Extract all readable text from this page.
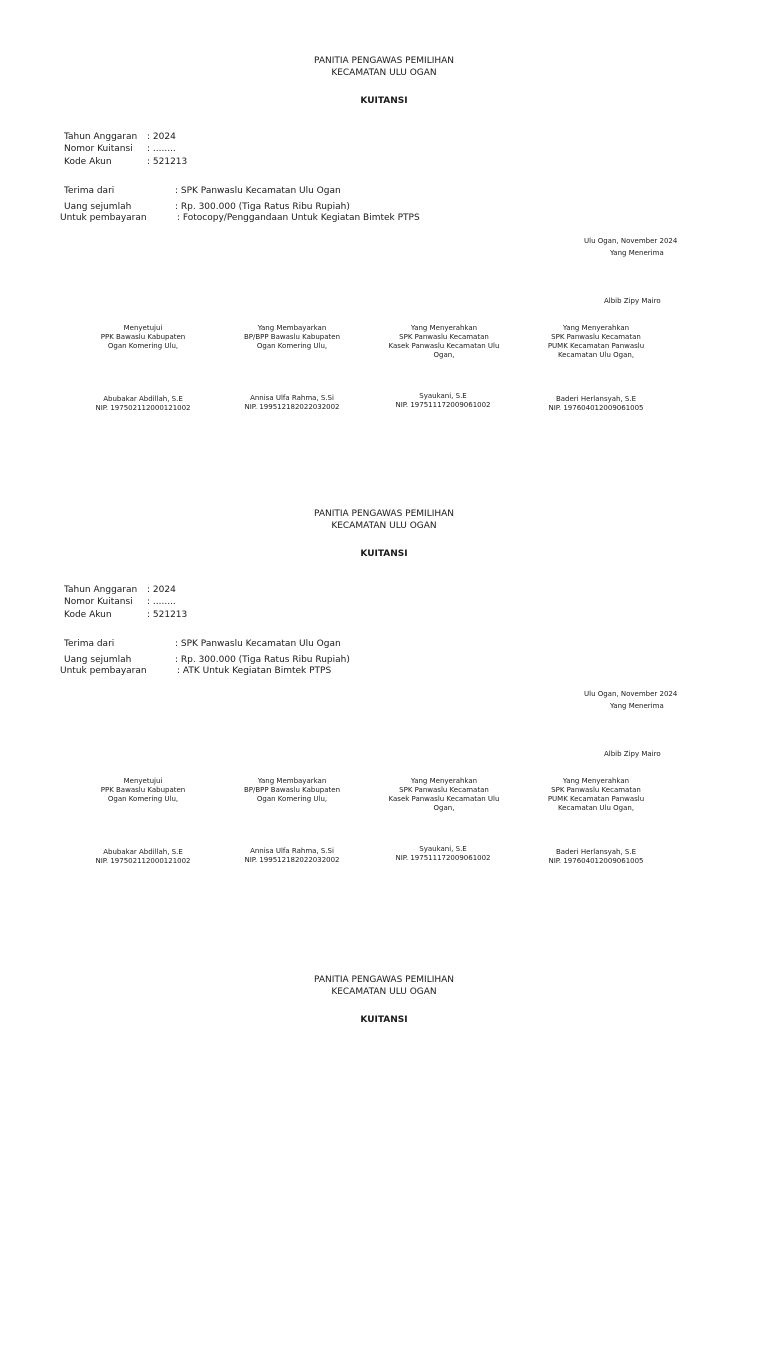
PANITIA PENGAWAS PEMILIHAN
KECAMATAN ULU OGAN
KUITANSI
Tahun Anggaran : 2024
Nomor Kuitansi : ........
Kode Akun	: 521213
Terima dari	: SPK Panwaslu Kecamatan Ulu Ogan
Uang sejumlah	: Rp. 300.000 (Tiga Ratus Ribu Rupiah)
Untuk pembayaran	: Fotocopy/Penggandaan Untuk Kegiatan Bimtek PTPS
Ulu Ogan, November 2024
Yang Menerima
Albib Zipy Mairo
Menyetujui
PPK Bawaslu Kabupaten
Ogan Komering Ulu,
Yang Membayarkan
BP/BPP Bawaslu Kabupaten
Ogan Komering Ulu,
Yang Menyerahkan
SPK Panwaslu Kecamatan
Kasek Panwaslu Kecamatan Ulu
Ogan,
Yang Menyerahkan
SPK Panwaslu Kecamatan
PUMK Kecamatan Panwaslu
Kecamatan Ulu Ogan,
Abubakar Abdillah, S.E
NIP. 197502112000121002
Annisa Ulfa Rahma, S.Si
NIP. 199512182022032002
Syaukani, S.E
NIP. 197511172009061002
Baderi Herlansyah, S.E
NIP. 197604012009061005
PANITIA PENGAWAS PEMILIHAN
KECAMATAN ULU OGAN
KUITANSI
Tahun Anggaran : 2024
Nomor Kuitansi : ........
Kode Akun	: 521213
Terima dari	: SPK Panwaslu Kecamatan Ulu Ogan
Uang sejumlah	: Rp. 300.000 (Tiga Ratus Ribu Rupiah)
Untuk pembayaran	: ATK Untuk Kegiatan Bimtek PTPS
Ulu Ogan, November 2024
Yang Menerima
Albib Zipy Mairo
Menyetujui
PPK Bawaslu Kabupaten
Ogan Komering Ulu,
Yang Membayarkan
BP/BPP Bawaslu Kabupaten
Ogan Komering Ulu,
Yang Menyerahkan
SPK Panwaslu Kecamatan
Kasek Panwaslu Kecamatan Ulu
Ogan,
Yang Menyerahkan
SPK Panwaslu Kecamatan
PUMK Kecamatan Panwaslu
Kecamatan Ulu Ogan,
Abubakar Abdillah, S.E
NIP. 197502112000121002
Annisa Ulfa Rahma, S.Si
NIP. 199512182022032002
Syaukani, S.E
NIP. 197511172009061002
Baderi Herlansyah, S.E
NIP. 197604012009061005
PANITIA PENGAWAS PEMILIHAN
KECAMATAN ULU OGAN
KUITANSI
